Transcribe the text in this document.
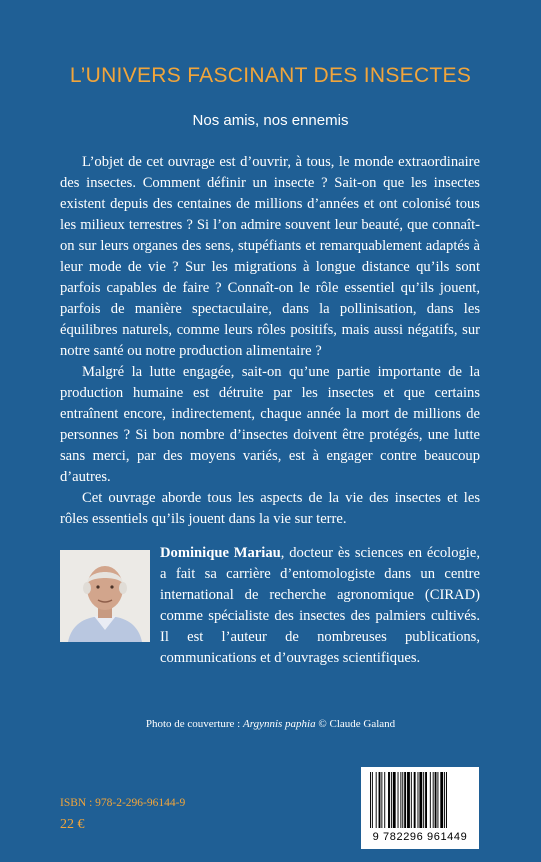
L’UNIVERS FASCINANT DES INSECTES
Nos amis, nos ennemis

L’objet de cet ouvrage est d’ouvrir, à tous, le monde extraordinaire des insectes. Comment définir un insecte ? Sait-on que les insectes existent depuis des centaines de millions d’années et ont colonisé tous les milieux terrestres ? Si l’on admire souvent leur beauté, que connaît-on sur leurs organes des sens, stupéfiants et remarquablement adaptés à leur mode de vie ? Sur les migrations à longue distance qu’ils sont parfois capables de faire ? Connaît-on le rôle essentiel qu’ils jouent, parfois de manière spectaculaire, dans la pollinisation, dans les équilibres naturels, comme leurs rôles positifs, mais aussi négatifs, sur notre santé ou notre production alimentaire ?

Malgré la lutte engagée, sait-on qu’une partie importante de la production humaine est détruite par les insectes et que certains entraînent encore, indirectement, chaque année la mort de millions de personnes ? Si bon nombre d’insectes doivent être protégés, une lutte sans merci, par des moyens variés, est à engager contre beaucoup d’autres.

Cet ouvrage aborde tous les aspects de la vie des insectes et les rôles essentiels qu’ils jouent dans la vie sur terre.

Dominique Mariau, docteur ès sciences en écologie, a fait sa carrière d’entomologiste dans un centre international de recherche agronomique (CIRAD) comme spécialiste des insectes des palmiers cultivés. Il est l’auteur de nombreuses publications, communications et d’ouvrages scientifiques.
Photo de couverture : Argynnis paphia © Claude Galand
ISBN : 978-2-296-96144-9
22 €
9 782296 961449
